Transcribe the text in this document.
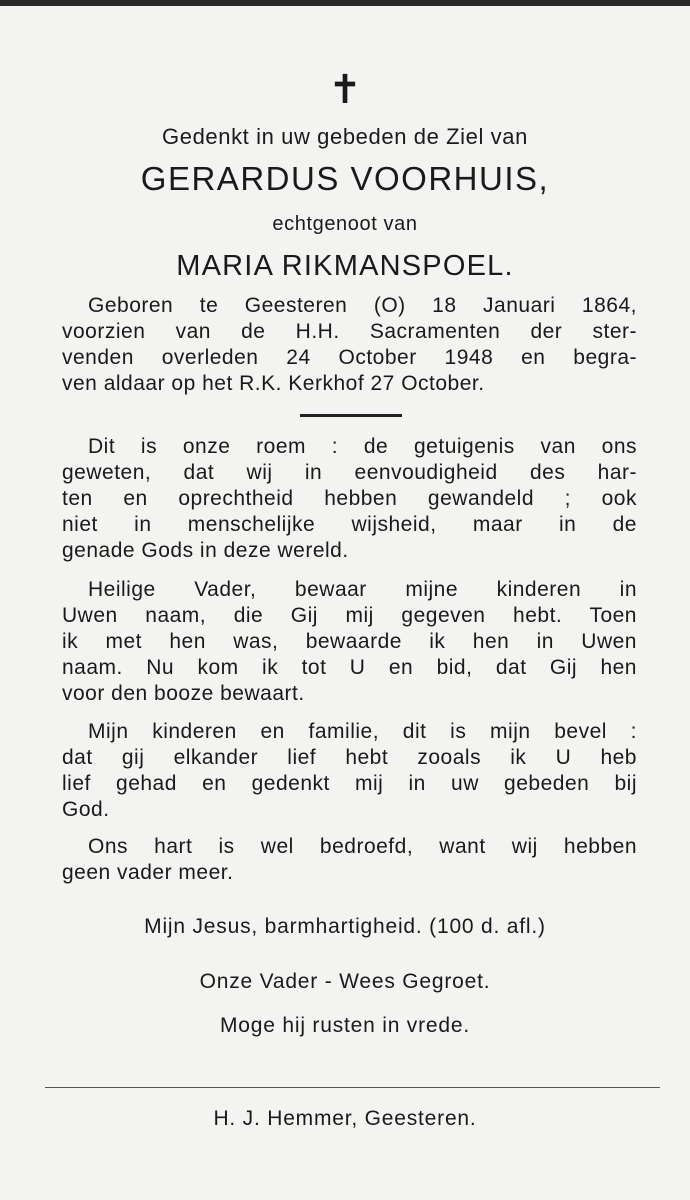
✝
Gedenkt in uw gebeden de Ziel van
GERARDUS VOORHUIS,
echtgenoot van
MARIA RIKMANSPOEL.
Geboren te Geesteren (O) 18 Januari 1864,
voorzien van de H.H. Sacramenten der ster-
venden overleden 24 October 1948 en begra-
ven aldaar op het R.K. Kerkhof 27 October.
Dit is onze roem : de getuigenis van ons
geweten, dat wij in eenvoudigheid des har-
ten en oprechtheid hebben gewandeld ; ook
niet in menschelijke wijsheid, maar in de
genade Gods in deze wereld.
Heilige Vader, bewaar mijne kinderen in
Uwen naam, die Gij mij gegeven hebt. Toen
ik met hen was, bewaarde ik hen in Uwen
naam. Nu kom ik tot U en bid, dat Gij hen
voor den booze bewaart.
Mijn kinderen en familie, dit is mijn bevel :
dat gij elkander lief hebt zooals ik U heb
lief gehad en gedenkt mij in uw gebeden bij
God.
Ons hart is wel bedroefd, want wij hebben
geen vader meer.
Mijn Jesus, barmhartigheid. (100 d. afl.)
Onze Vader - Wees Gegroet.
Moge hij rusten in vrede.
H. J. Hemmer, Geesteren.
